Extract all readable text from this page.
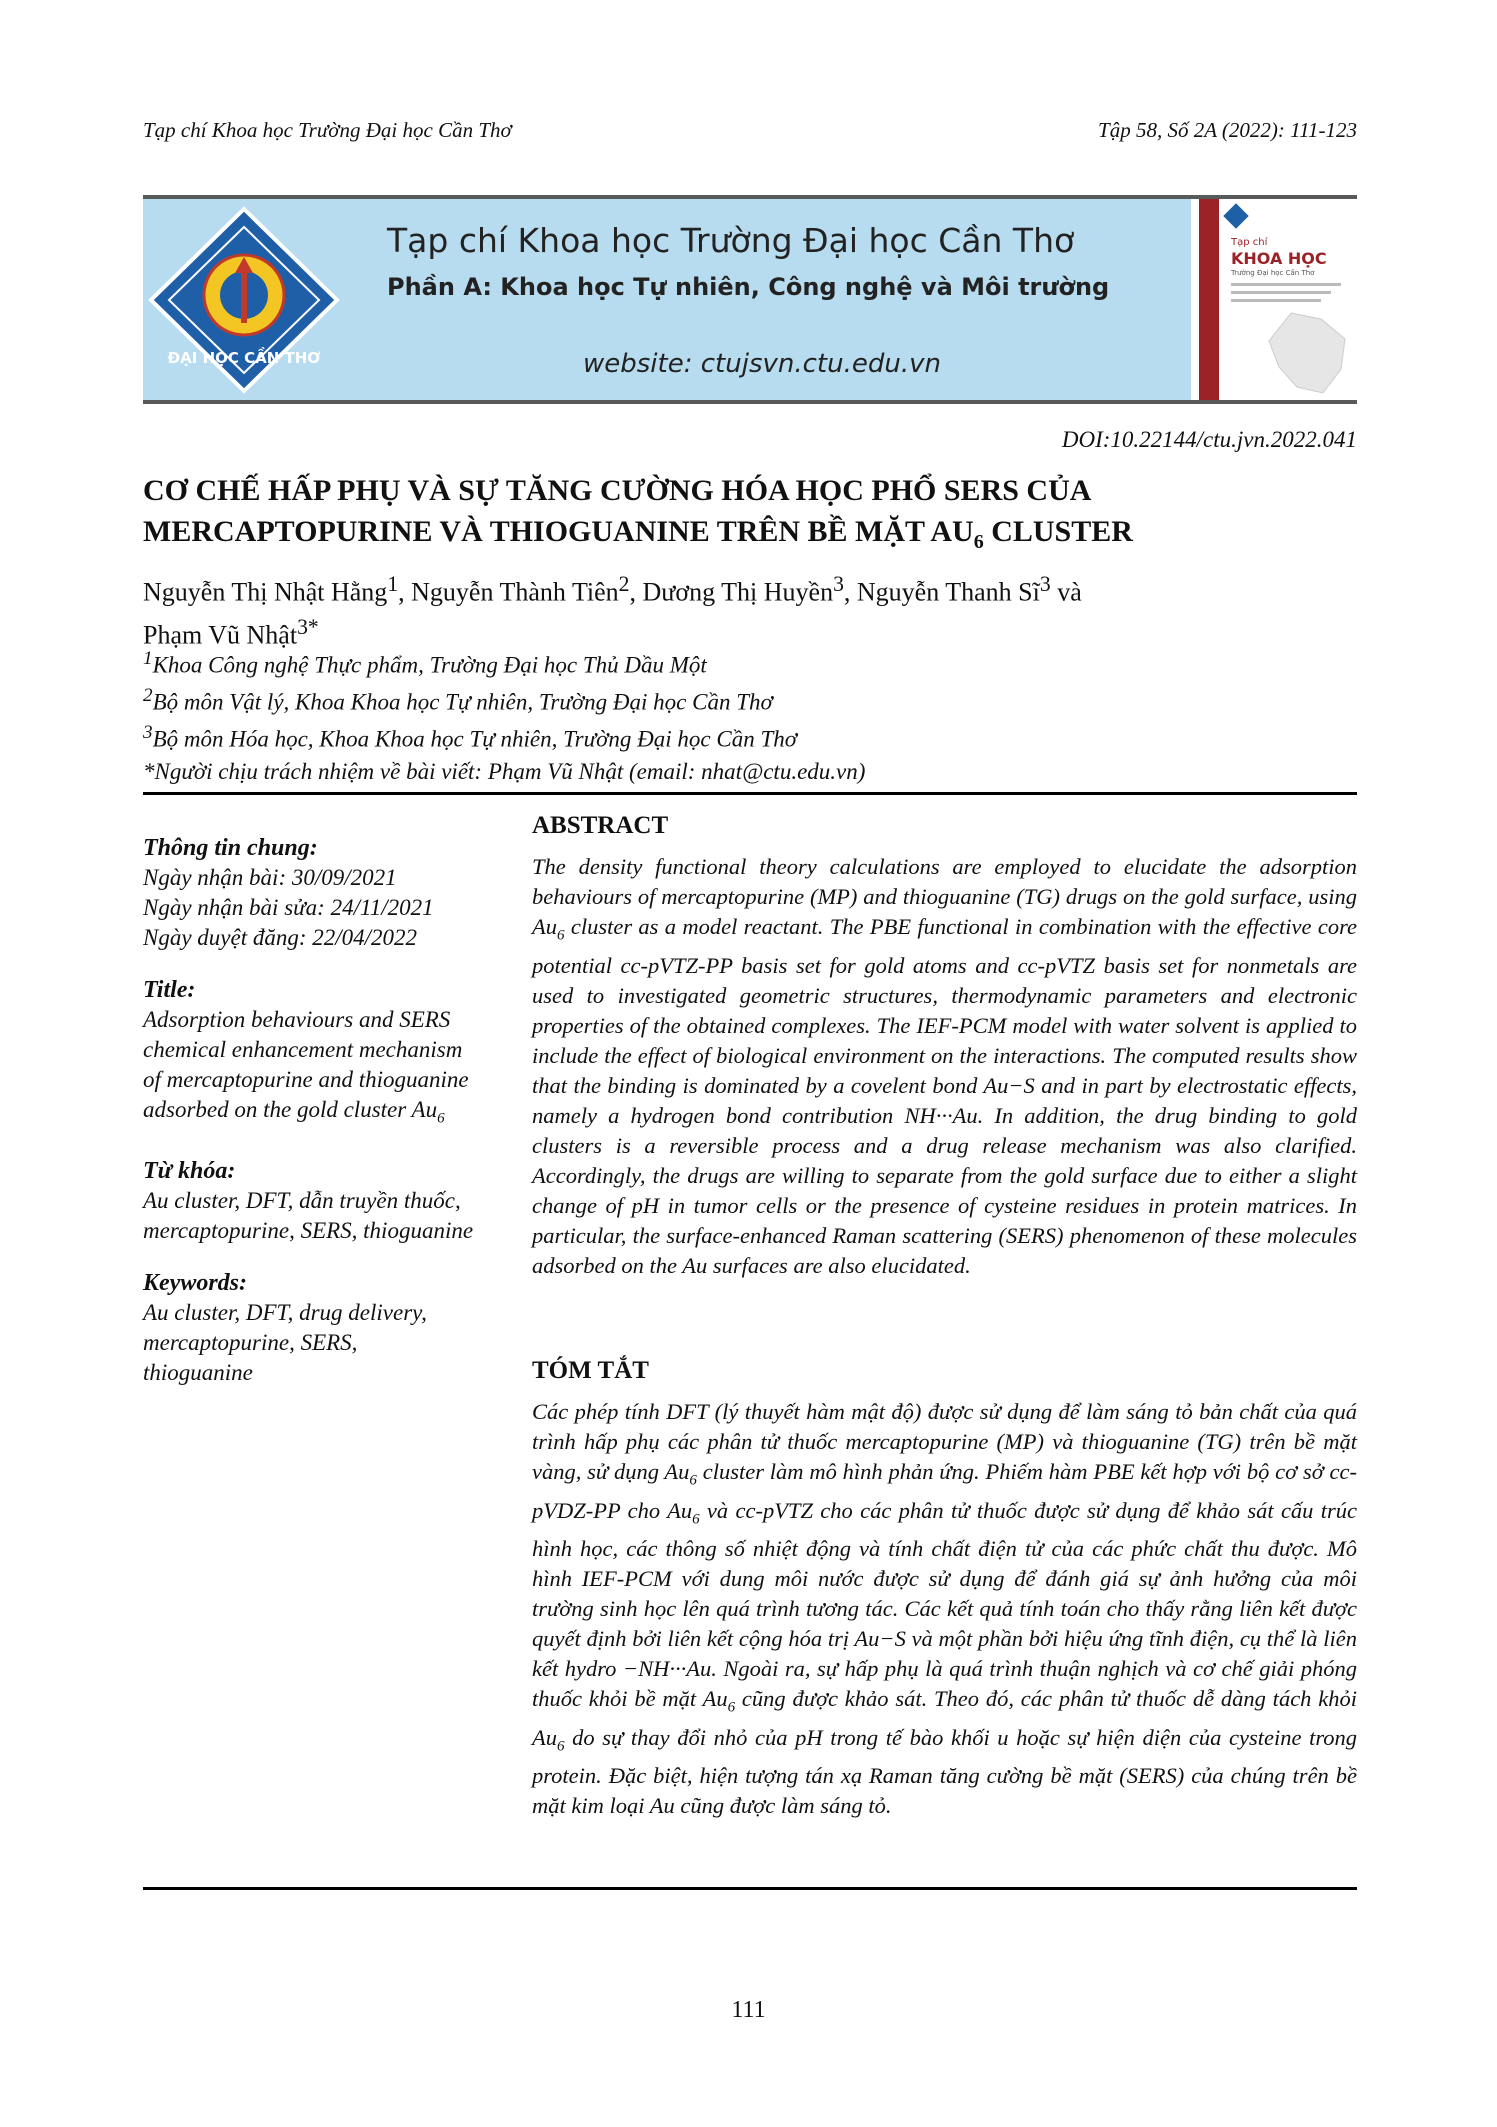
Tạp chí Khoa học Trường Đại học Cần Thơ	Tập 58, Số 2A (2022): 111-123
ĐẠI HỌC CẦN THƠ
Tạp chí Khoa học Trường Đại học Cần Thơ
Phần A: Khoa học Tự nhiên, Công nghệ và Môi trường
website: ctujsvn.ctu.edu.vn
Tạp chí
KHOA HỌC
Trường Đại học Cần Thơ
DOI:10.22144/ctu.jvn.2022.041
CƠ CHẾ HẤP PHỤ VÀ SỰ TĂNG CƯỜNG HÓA HỌC PHỔ SERS CỦA
MERCAPTOPURINE VÀ THIOGUANINE TRÊN BỀ MẶT $AU_6$ CLUSTER
Nguyễn Thị Nhật Hằng$^1$, Nguyễn Thành Tiên$^2$, Dương Thị Huyền$^3$, Nguyễn Thanh $Sĩ^3$ và
Phạm Vũ Nhật$^{3*}$
$^1$Khoa Công nghệ Thực phẩm, Trường Đại học Thủ Dầu Một
$^2$Bộ môn Vật lý, Khoa Khoa học Tự nhiên, Trường Đại học Cần Thơ
$^3$Bộ môn Hóa học, Khoa Khoa học Tự nhiên, Trường Đại học Cần Thơ
*Người chịu trách nhiệm về bài viết: Phạm Vũ Nhật (email: nhat@ctu.edu.vn)
Thông tin chung:

Ngày nhận bài: 30/09/2021

Ngày nhận bài sửa: 24/11/2021

Ngày duyệt đăng: 22/04/2022

Title:

Adsorption behaviours and SERS chemical enhancement mechanism of mercaptopurine and thioguanine adsorbed on the gold cluster $Au_6$

Từ khóa:

Au cluster, DFT, dẫn truyền thuốc, mercaptopurine, SERS, thioguanine

Keywords:

Au cluster, DFT, drug delivery, mercaptopurine, SERS, thioguanine

ABSTRACT

The density functional theory calculations are employed to elucidate the adsorption behaviours of mercaptopurine (MP) and thioguanine (TG) drugs on the gold surface, using $Au_6$ cluster as a model reactant. The PBE functional in combination with the effective core potential cc-pVTZ-PP basis set for gold atoms and cc-pVTZ basis set for nonmetals are used to investigated geometric structures, thermodynamic parameters and electronic properties of the obtained complexes. The IEF-PCM model with water solvent is applied to include the effect of biological environment on the interactions. The computed results show that the binding is dominated by a covelent bond Au−S and in part by electrostatic effects, namely a hydrogen bond contribution NH···Au. In addition, the drug binding to gold clusters is a reversible process and a drug release mechanism was also clarified. Accordingly, the drugs are willing to separate from the gold surface due to either a slight change of pH in tumor cells or the presence of cysteine residues in protein matrices. In particular, the surface-enhanced Raman scattering (SERS) phenomenon of these molecules adsorbed on the Au surfaces are also elucidated.

TÓM TẮT

Các phép tính DFT (lý thuyết hàm mật độ) được sử dụng để làm sáng tỏ bản chất của quá trình hấp phụ các phân tử thuốc mercaptopurine (MP) và thioguanine (TG) trên bề mặt vàng, sử dụng $Au_6$ cluster làm mô hình phản ứng. Phiếm hàm PBE kết hợp với bộ cơ sở cc-pVDZ-PP cho $Au_6$ và cc-pVTZ cho các phân tử thuốc được sử dụng để khảo sát cấu trúc hình học, các thông số nhiệt động và tính chất điện tử của các phức chất thu được. Mô hình IEF-PCM với dung môi nước được sử dụng để đánh giá sự ảnh hưởng của môi trường sinh học lên quá trình tương tác. Các kết quả tính toán cho thấy rằng liên kết được quyết định bởi liên kết cộng hóa trị Au−S và một phần bởi hiệu ứng tĩnh điện, cụ thể là liên kết hydro −NH···Au. Ngoài ra, sự hấp phụ là quá trình thuận nghịch và cơ chế giải phóng thuốc khỏi bề mặt $Au_6$ cũng được khảo sát. Theo đó, các phân tử thuốc dễ dàng tách khỏi $Au_6$ do sự thay đổi nhỏ của pH trong tế bào khối u hoặc sự hiện diện của cysteine trong protein. Đặc biệt, hiện tượng tán xạ Raman tăng cường bề mặt (SERS) của chúng trên bề mặt kim loại Au cũng được làm sáng tỏ.

111
